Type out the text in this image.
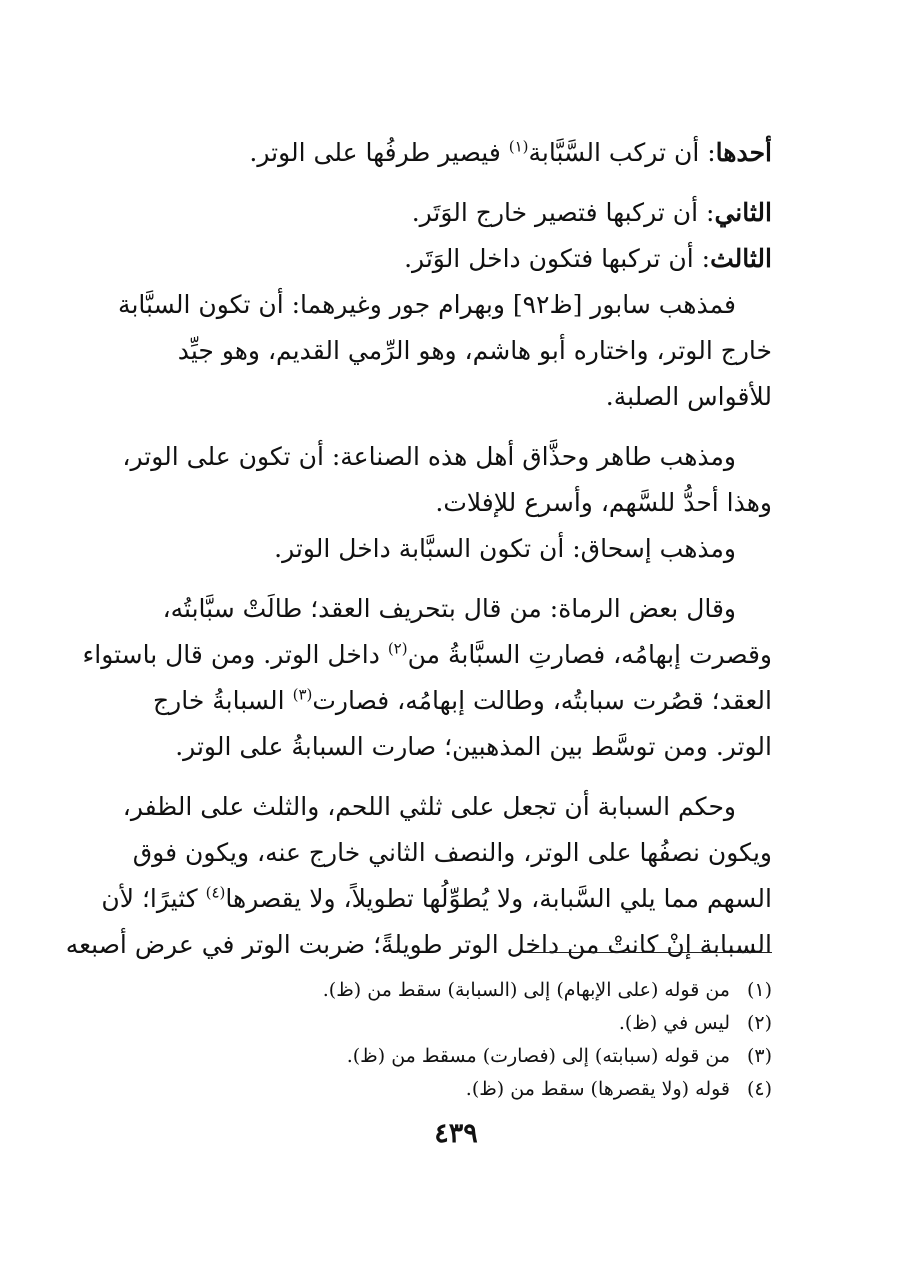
أحدها: أن تركب السَّبَّابة$^{(١)}$ فيصير طرفُها على الوتر.

الثاني: أن تركبها فتصير خارج الوَتَر.

الثالث: أن تركبها فتكون داخل الوَتَر.

فمذهب سابور [ظ٩٢] وبهرام جور وغيرهما: أن تكون السبَّابة

خارج الوتر، واختاره أبو هاشم، وهو الرِّمي القديم، وهو جيِّد

للأقواس الصلبة.

ومذهب طاهر وحذَّاق أهل هذه الصناعة: أن تكون على الوتر،

وهذا أحدُّ للسَّهم، وأسرع للإفلات.

ومذهب إسحاق: أن تكون السبَّابة داخل الوتر.

وقال بعض الرماة: من قال بتحريف العقد؛ طالَتْ سبَّابتُه،

وقصرت إبهامُه، فصارتِ السبَّابةُ من$^{(٢)}$ داخل الوتر. ومن قال باستواء

العقد؛ قصُرت سبابتُه، وطالت إبهامُه، فصارت$^{(٣)}$ السبابةُ خارج

الوتر. ومن توسَّط بين المذهبين؛ صارت السبابةُ على الوتر.

وحكم السبابة أن تجعل على ثلثي اللحم، والثلث على الظفر،

ويكون نصفُها على الوتر، والنصف الثاني خارج عنه، ويكون فوق

السهم مما يلي السَّبابة، ولا يُطوِّلُها تطويلاً، ولا يقصرها$^{(٤)}$ كثيرًا؛ لأن

السبابة إنْ كانتْ من داخل الوتر طويلةً؛ ضربت الوتر في عرض أصبعه

(١)من قوله (على الإبهام) إلى (السبابة) سقط من (ظ).
(٢)ليس في (ظ).
(٣)من قوله (سبابته) إلى (فصارت) مسقط من (ظ).
(٤)قوله (ولا يقصرها) سقط من (ظ).
٤٣٩
